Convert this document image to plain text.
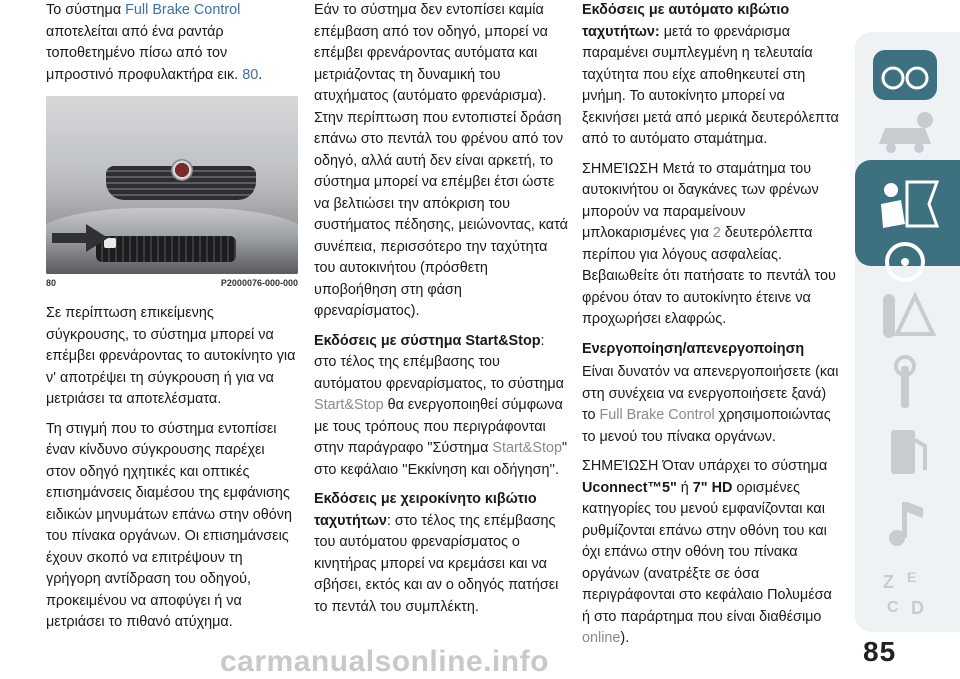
Το σύστημα Full Brake Control αποτελείται από ένα ραντάρ τοποθετημένο πίσω από τον μπροστινό προφυλακτήρα εικ. 80.

80	P2000076-000-000

Σε περίπτωση επικείμενης σύγκρουσης, το σύστημα μπορεί να επέμβει φρενάροντας το αυτοκίνητο για ν' αποτρέψει τη σύγκρουση ή για να μετριάσει τα αποτελέσματα.

Τη στιγμή που το σύστημα εντοπίσει έναν κίνδυνο σύγκρουσης παρέχει στον οδηγό ηχητικές και οπτικές επισημάνσεις διαμέσου της εμφάνισης ειδικών μηνυμάτων επάνω στην οθόνη του πίνακα οργάνων. Οι επισημάνσεις έχουν σκοπό να επιτρέψουν τη γρήγορη αντίδραση του οδηγού, προκειμένου να αποφύγει ή να μετριάσει το πιθανό ατύχημα.

Εάν το σύστημα δεν εντοπίσει καμία επέμβαση από τον οδηγό, μπορεί να επέμβει φρενάροντας αυτόματα και μετριάζοντας τη δυναμική του ατυχήματος (αυτόματο φρενάρισμα). Στην περίπτωση που εντοπιστεί δράση επάνω στο πεντάλ του φρένου από τον οδηγό, αλλά αυτή δεν είναι αρκετή, το σύστημα μπορεί να επέμβει έτσι ώστε να βελτιώσει την απόκριση του συστήματος πέδησης, μειώνοντας, κατά συνέπεια, περισσότερο την ταχύτητα του αυτοκινήτου (πρόσθετη υποβοήθηση στη φάση φρεναρίσματος).

Εκδόσεις με σύστημα Start&Stop: στο τέλος της επέμβασης του αυτόματου φρεναρίσματος, το σύστημα Start&Stop θα ενεργοποιηθεί σύμφωνα με τους τρόπους που περιγράφονται στην παράγραφο "Σύστημα Start&Stop" στο κεφάλαιο ''Εκκίνηση και οδήγηση''.

Εκδόσεις με χειροκίνητο κιβώτιο ταχυτήτων: στο τέλος της επέμβασης του αυτόματου φρεναρίσματος ο κινητήρας μπορεί να κρεμάσει και να σβήσει, εκτός και αν ο οδηγός πατήσει το πεντάλ του συμπλέκτη.

Εκδόσεις με αυτόματο κιβώτιο ταχυτήτων: μετά το φρενάρισμα παραμένει συμπλεγμένη η τελευταία ταχύτητα που είχε αποθηκευτεί στη μνήμη. Το αυτοκίνητο μπορεί να ξεκινήσει μετά από μερικά δευτερόλεπτα από το αυτόματο σταμάτημα.

ΣΗΜΕΊΩΣΗ Μετά το σταμάτημα του αυτοκινήτου οι δαγκάνες των φρένων μπορούν να παραμείνουν μπλοκαρισμένες για 2 δευτερόλεπτα περίπου για λόγους ασφαλείας. Βεβαιωθείτε ότι πατήσατε το πεντάλ του φρένου όταν το αυτοκίνητο έτεινε να προχωρήσει ελαφρώς.

Ενεργοποίηση/απενεργοποίηση

Είναι δυνατόν να απενεργοποιήσετε (και στη συνέχεια να ενεργοποιήσετε ξανά) το Full Brake Control χρησιμοποιώντας το μενού του πίνακα οργάνων.

ΣΗΜΕΊΩΣΗ Όταν υπάρχει το σύστημα Uconnect™5" ή 7" HD ορισμένες κατηγορίες του μενού εμφανίζονται και ρυθμίζονται επάνω στην οθόνη του και όχι επάνω στην οθόνη του πίνακα οργάνων (ανατρέξτε σε όσα περιγράφονται στο κεφάλαιο Πολυμέσα ή στο παράρτημα που είναι διαθέσιμο online).

Z E
C D
carmanualsonline.info	85
